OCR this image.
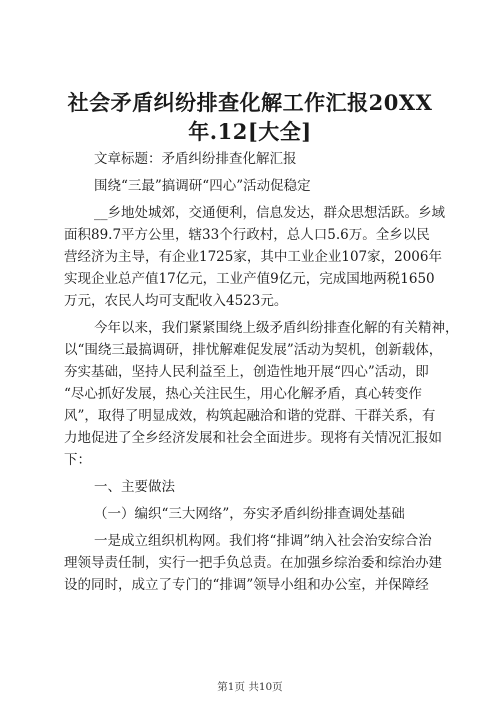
社会矛盾纠纷排查化解工作汇报20XX
年.12[大全]
文章标题：矛盾纠纷排查化解汇报
围绕“三最”搞调研“四心”活动促稳定
__乡地处城郊，交通便利，信息发达，群众思想活跃。乡域
面积89.7平方公里，辖33个行政村，总人口5.6万。全乡以民
营经济为主导，有企业1725家，其中工业企业107家，2006年
实现企业总产值17亿元，工业产值9亿元，完成国地两税1650
万元，农民人均可支配收入4523元。
今年以来，我们紧紧围绕上级矛盾纠纷排查化解的有关精神，
以“围绕三最搞调研，排忧解难促发展”活动为契机，创新载体，
夯实基础，坚持人民利益至上，创造性地开展“四心”活动，即
“尽心抓好发展，热心关注民生，用心化解矛盾，真心转变作
风”，取得了明显成效，构筑起融洽和谐的党群、干群关系，有
力地促进了全乡经济发展和社会全面进步。现将有关情况汇报如
下：
一、主要做法
（一）编织“三大网络”，夯实矛盾纠纷排查调处基础
一是成立组织机构网。我们将“排调”纳入社会治安综合治
理领导责任制，实行一把手负总责。在加强乡综治委和综治办建
设的同时，成立了专门的“排调”领导小组和办公室，并保障经
第1页 共10页
